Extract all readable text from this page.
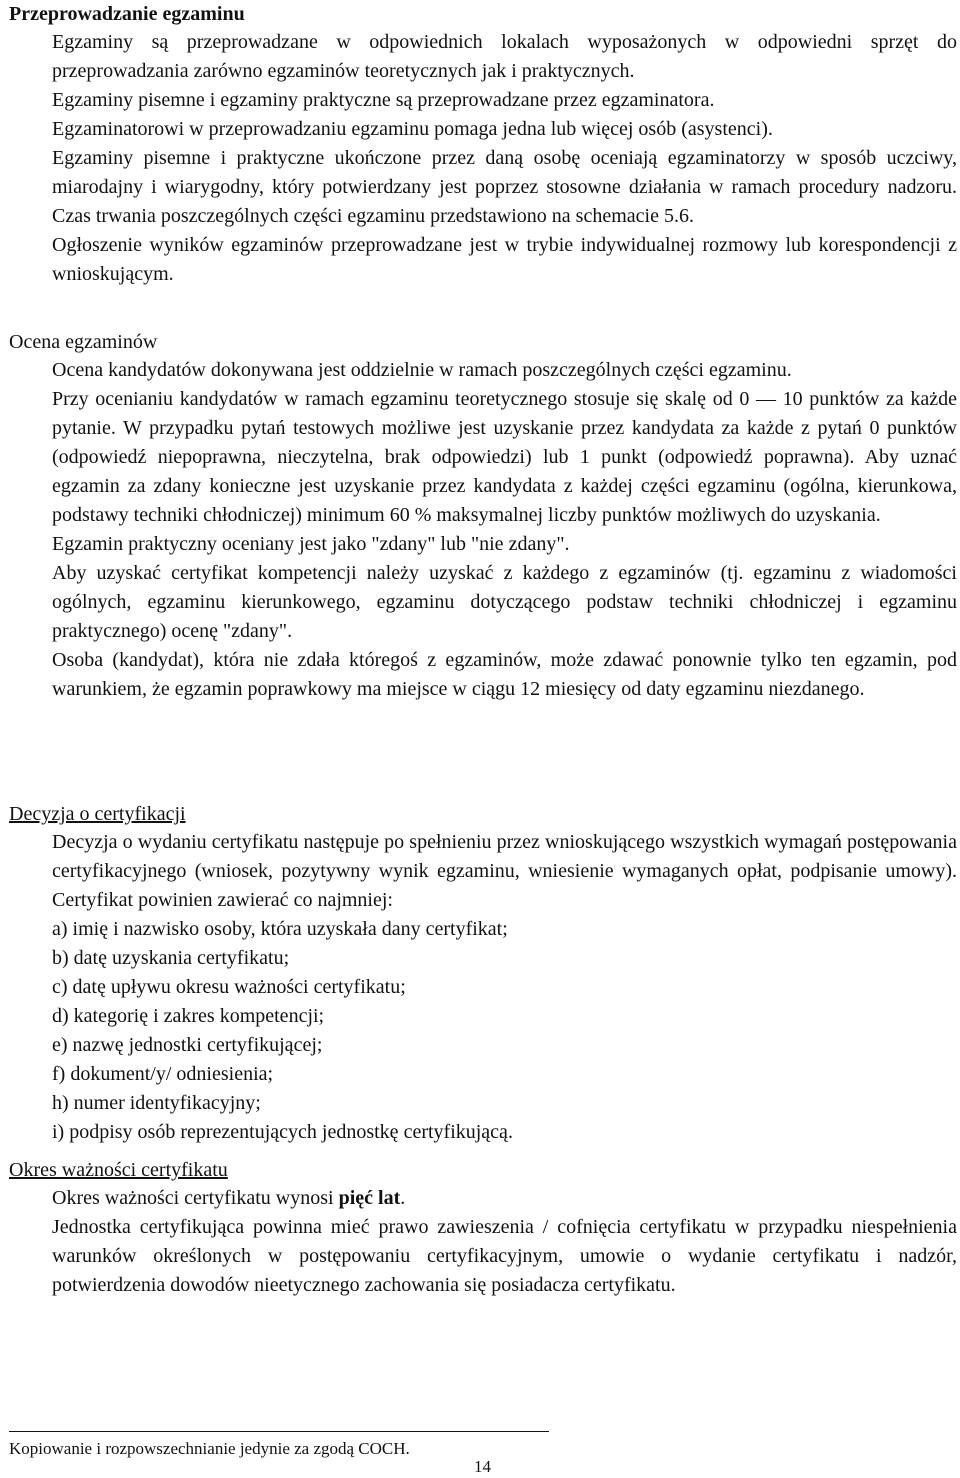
Przeprowadzanie egzaminu

Egzaminy są przeprowadzane w odpowiednich lokalach wyposażonych w odpowiedni sprzęt do przeprowadzania zarówno egzaminów teoretycznych jak i praktycznych.

Egzaminy pisemne i egzaminy praktyczne są przeprowadzane przez egzaminatora.

Egzaminatorowi w przeprowadzaniu egzaminu pomaga jedna lub więcej osób (asystenci).

Egzaminy pisemne i praktyczne ukończone przez daną osobę oceniają egzaminatorzy w sposób uczciwy, miarodajny i wiarygodny, który potwierdzany jest poprzez stosowne działania w ramach procedury nadzoru. Czas trwania poszczególnych części egzaminu przedstawiono na schemacie 5.6.

Ogłoszenie wyników egzaminów przeprowadzane jest w trybie indywidualnej rozmowy lub korespondencji z wnioskującym.

Ocena egzaminów

Ocena kandydatów dokonywana jest oddzielnie w ramach poszczególnych części egzaminu.

Przy ocenianiu kandydatów w ramach egzaminu teoretycznego stosuje się skalę od 0 — 10 punktów za każde pytanie. W przypadku pytań testowych możliwe jest uzyskanie przez kandydata za każde z pytań 0 punktów (odpowiedź niepoprawna, nieczytelna, brak odpowiedzi) lub 1 punkt (odpowiedź poprawna). Aby uznać egzamin za zdany konieczne jest uzyskanie przez kandydata z każdej części egzaminu (ogólna, kierunkowa, podstawy techniki chłodniczej) minimum 60 % maksymalnej liczby punktów możliwych do uzyskania.

Egzamin praktyczny oceniany jest jako "zdany" lub "nie zdany".

Aby uzyskać certyfikat kompetencji należy uzyskać z każdego z egzaminów (tj. egzaminu z wiadomości ogólnych, egzaminu kierunkowego, egzaminu dotyczącego podstaw techniki chłodniczej i egzaminu praktycznego) ocenę "zdany".

Osoba (kandydat), która nie zdała któregoś z egzaminów, może zdawać ponownie tylko ten egzamin, pod warunkiem, że egzamin poprawkowy ma miejsce w ciągu 12 miesięcy od daty egzaminu niezdanego.

Decyzja o certyfikacji

Decyzja o wydaniu certyfikatu następuje po spełnieniu przez wnioskującego wszystkich wymagań postępowania certyfikacyjnego (wniosek, pozytywny wynik egzaminu, wniesienie wymaganych opłat, podpisanie umowy). Certyfikat powinien zawierać co najmniej:

a) imię i nazwisko osoby, która uzyskała dany certyfikat;

b) datę uzyskania certyfikatu;

c) datę upływu okresu ważności certyfikatu;

d) kategorię i zakres kompetencji;

e) nazwę jednostki certyfikującej;

f) dokument/y/ odniesienia;

h) numer identyfikacyjny;

i) podpisy osób reprezentujących jednostkę certyfikującą.

Okres ważności certyfikatu

Okres ważności certyfikatu wynosi pięć lat.

Jednostka certyfikująca powinna mieć prawo zawieszenia / cofnięcia certyfikatu w przypadku niespełnienia warunków określonych w postępowaniu certyfikacyjnym, umowie o wydanie certyfikatu i nadzór, potwierdzenia dowodów nieetycznego zachowania się posiadacza certyfikatu.

Kopiowanie i rozpowszechnianie jedynie za zgodą COCH.
14
